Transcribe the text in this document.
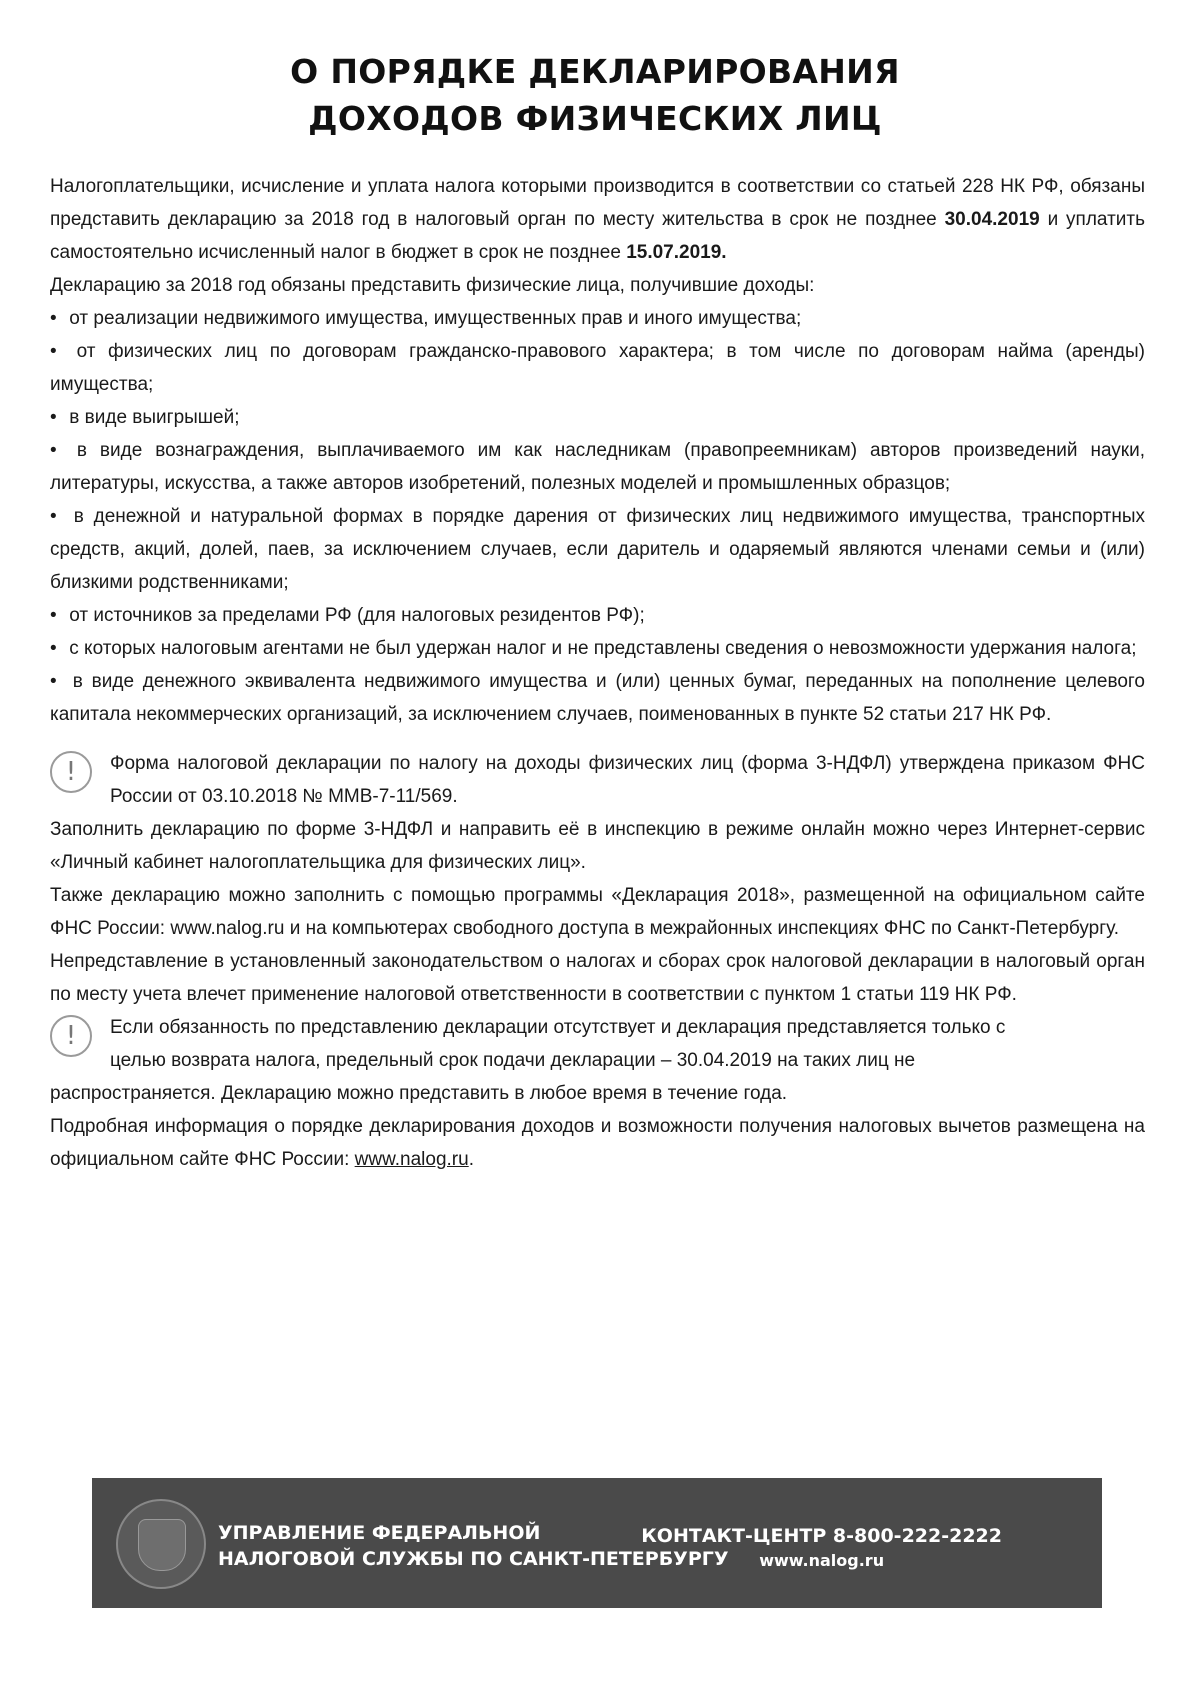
О ПОРЯДКЕ ДЕКЛАРИРОВАНИЯ
ДОХОДОВ ФИЗИЧЕСКИХ ЛИЦ

Налогоплательщики, исчисление и уплата налога которыми производится в соответствии со статьей 228 НК РФ, обязаны представить декларацию за 2018 год в налоговый орган по месту жительства в срок не позднее 30.04.2019 и уплатить самостоятельно исчисленный налог в бюджет в срок не позднее 15.07.2019.

Декларацию за 2018 год обязаны представить физические лица, получившие доходы:

• от реализации недвижимого имущества, имущественных прав и иного имущества;

• от физических лиц по договорам гражданско-правового характера; в том числе по договорам найма (аренды) имущества;

• в виде выигрышей;

• в виде вознаграждения, выплачиваемого им как наследникам (правопреемникам) авторов произведений науки, литературы, искусства, а также авторов изобретений, полезных моделей и промышленных образцов;

• в денежной и натуральной формах в порядке дарения от физических лиц недвижимого имущества, транспортных средств, акций, долей, паев, за исключением случаев, если даритель и одаряемый являются членами семьи и (или) близкими родственниками;

• от источников за пределами РФ (для налоговых резидентов РФ);

• с которых налоговым агентами не был удержан налог и не представлены сведения о невозможности удержания налога;

• в виде денежного эквивалента недвижимого имущества и (или) ценных бумаг, переданных на пополнение целевого капитала некоммерческих организаций, за исключением случаев, поименованных в пункте 52 статьи 217 НК РФ.

!	Форма налоговой декларации по налогу на доходы физических лиц (форма 3-НДФЛ) утверждена приказом ФНС России от 03.10.2018 № ММВ-7-11/569.

Заполнить декларацию по форме 3-НДФЛ и направить её в инспекцию в режиме онлайн можно через Интернет-сервис «Личный кабинет налогоплательщика для физических лиц».

Также декларацию можно заполнить с помощью программы «Декларация 2018», размещенной на официальном сайте ФНС России: www.nalog.ru и на компьютерах свободного доступа в межрайонных инспекциях ФНС по Санкт-Петербургу.

Непредставление в установленный законодательством о налогах и сборах срок налоговой декларации в налоговый орган по месту учета влечет применение налоговой ответственности в соответствии с пунктом 1 статьи 119 НК РФ.

!	Если обязанность по представлению декларации отсутствует и декларация представляется только с

целью возврата налога, предельный срок подачи декларации – 30.04.2019 на таких лиц не

распространяется. Декларацию можно представить в любое время в течение года.

Подробная информация о порядке декларирования доходов и возможности получения налоговых вычетов размещена на официальном сайте ФНС России: www.nalog.ru.

УПРАВЛЕНИЕ ФЕДЕРАЛЬНОЙ
НАЛОГОВОЙ СЛУЖБЫ ПО САНКТ-ПЕТЕРБУРГУ
КОНТАКТ-ЦЕНТР 8-800-222-2222
www.nalog.ru
